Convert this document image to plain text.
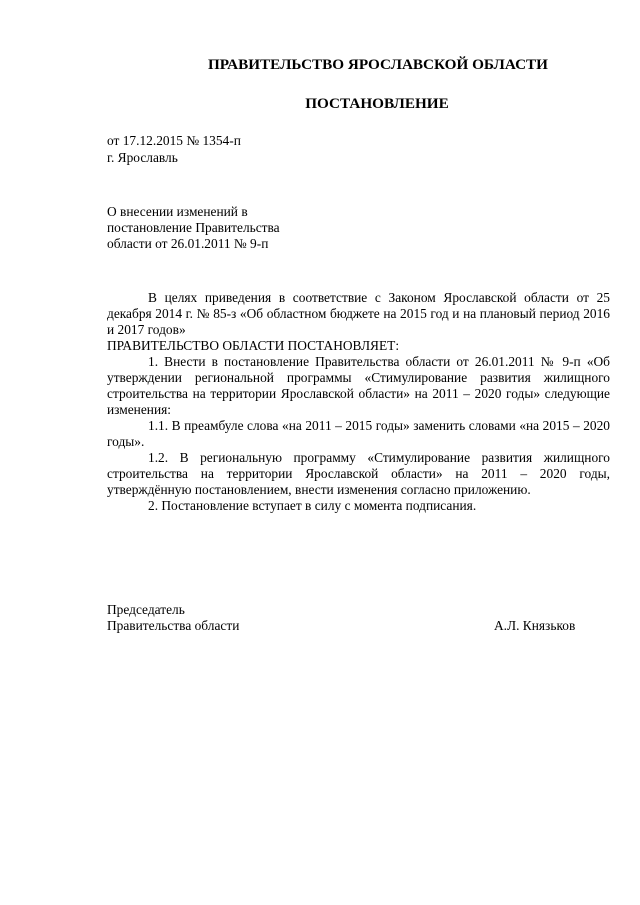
ПРАВИТЕЛЬСТВО ЯРОСЛАВСКОЙ ОБЛАСТИ
ПОСТАНОВЛЕНИЕ
от 17.12.2015 № 1354-п
г. Ярославль
О внесении изменений в
постановление Правительства
области от 26.01.2011 № 9-п

В целях приведения в соответствие с Законом Ярославской области от 25 декабря 2014 г. № 85-з «Об областном бюджете на 2015 год и на плановый период 2016 и 2017 годов»

ПРАВИТЕЛЬСТВО ОБЛАСТИ ПОСТАНОВЛЯЕТ:

1. Внести в постановление Правительства области от 26.01.2011 № 9-п «Об утверждении региональной программы «Стимулирование развития жилищного строительства на территории Ярославской области» на 2011 – 2020 годы» следующие изменения:

1.1. В преамбуле слова «на 2011 – 2015 годы» заменить словами «на 2015 – 2020 годы».

1.2. В региональную программу «Стимулирование развития жилищного строительства на территории Ярославской области» на 2011 – 2020 годы, утверждённую постановлением, внести изменения согласно приложению.

2. Постановление вступает в силу с момента подписания.

Председатель
Правительства области	А.Л. Князьков
